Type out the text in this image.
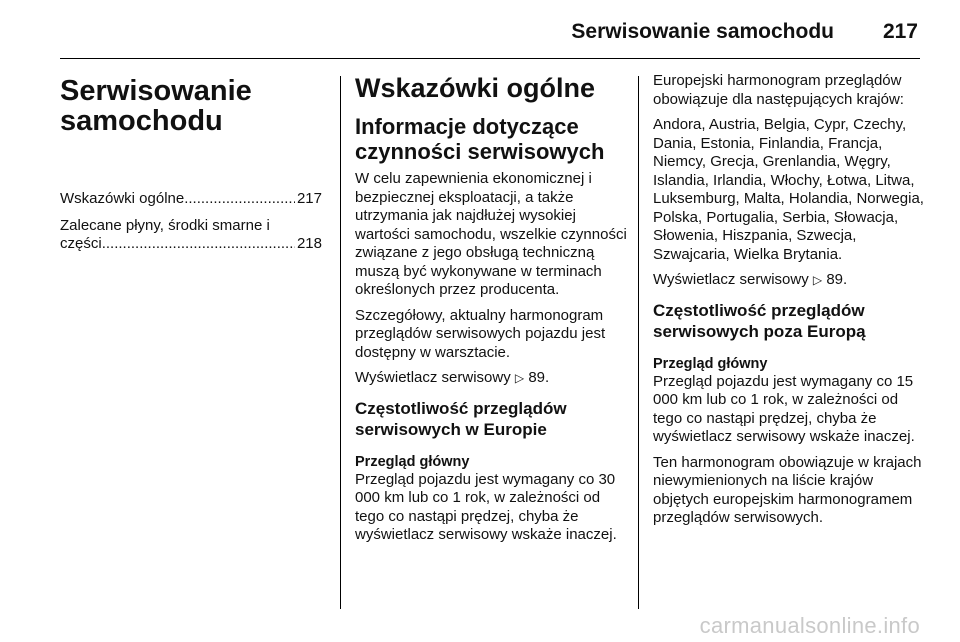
Serwisowanie samochodu 217
Serwisowanie
samochodu
Wskazówki ogólne .....	217
Zalecane płyny, środki smarne i
części .....	218
Wskazówki ogólne
Informacje dotyczące
czynności serwisowych

W celu zapewnienia ekonomicznej i bezpiecznej eksploatacji, a także utrzymania jak najdłużej wysokiej wartości samochodu, wszelkie czynności związane z jego obsługą techniczną muszą być wykonywane w terminach określonych przez producenta.

Szczegółowy, aktualny harmonogram przeglądów serwisowych pojazdu jest dostępny w warsztacie.

Wyświetlacz serwisowy ▷ 89.

Częstotliwość przeglądów
serwisowych w Europie
Przegląd główny

Przegląd pojazdu jest wymagany co 30 000 km lub co 1 rok, w zależności od tego co nastąpi prędzej, chyba że wyświetlacz serwisowy wskaże inaczej.

Europejski harmonogram przeglądów obowiązuje dla następujących krajów:

Andora, Austria, Belgia, Cypr, Czechy, Dania, Estonia, Finlandia, Francja, Niemcy, Grecja, Grenlandia, Węgry, Islandia, Irlandia, Włochy, Łotwa, Litwa, Luksemburg, Malta, Holandia, Norwegia, Polska, Portugalia, Serbia, Słowacja, Słowenia, Hiszpania, Szwecja, Szwajcaria, Wielka Brytania.

Wyświetlacz serwisowy ▷ 89.

Częstotliwość przeglądów
serwisowych poza Europą
Przegląd główny

Przegląd pojazdu jest wymagany co 15 000 km lub co 1 rok, w zależności od tego co nastąpi prędzej, chyba że wyświetlacz serwisowy wskaże inaczej.

Ten harmonogram obowiązuje w krajach niewymienionych na liście krajów objętych europejskim harmonogramem przeglądów serwisowych.

carmanualsonline.info
